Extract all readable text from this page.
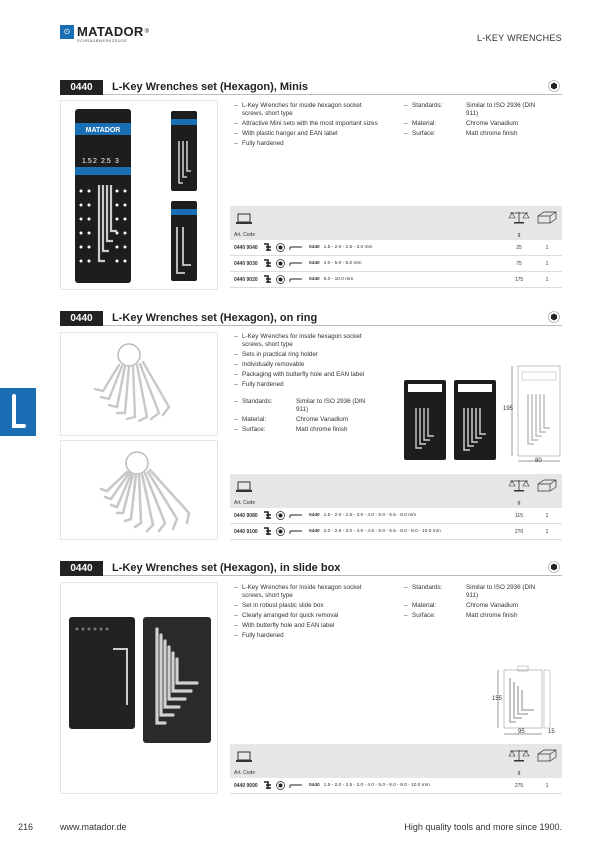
⊙ MATADOR ®
SCHRAUBWERKZEUGE	L-KEY WRENCHES
0440	L-Key Wrenches set (Hexagon), Minis
MATADOR
1.5 2 2.5 3
– L-Key Wrenches for inside hexagon socket screws, short type
– Attractive Mini sets with the most important sizes
– With plastic hanger and EAN label
– Fully hardened
– Standards:	Similar to ISO 2936 (DIN 911)
– Material:	Chrome Vanadium
– Surface:	Matt chrome finish
Art. Code	g
0440 9040	0440 1.5 - 2.0 - 2.5 - 3.0 mm	25	1
0440 9030	0440 4.0 - 5.0 - 6.0 mm	75	1
0440 9020	0440 8.0 - 10.0 mm	175	1
0440	L-Key Wrenches set (Hexagon), on ring
– L-Key Wrenches for inside hexagon socket screws, short type
– Sets in practical ring holder
– Individually removable
– Packaging with butterfly hole and EAN label
– Fully hardened
– Standards:	Similar to ISO 2936 (DIN 911)
– Material:	Chrome Vanadium
– Surface:	Matt chrome finish
195
80
Art. Code	g
0440 9080	0440 1.5 - 2.0 - 2.5 - 3.0 - 4.0 - 5.0 - 5.5 - 6.0 mm	115	1
0440 9100	0440 2.0 - 2.5 - 3.0 - 4.0 - 4.5 - 5.0 - 5.5 - 6.0 - 8.0 - 10.0 mm	270	1
0440	L-Key Wrenches set (Hexagon), in slide box
– L-Key Wrenches for inside hexagon socket screws, short type
– Set in robust plastic slide box
– Clearly arranged for quick removal
– With butterfly hole and EAN label
– Fully hardened
– Standards:	Similar to ISO 2936 (DIN 911)
– Material:	Chrome Vanadium
– Surface:	Matt chrome finish
155
95	15
Art. Code	g
0440 9090	0440 1.5 - 2.0 - 2.5 - 3.0 - 4.0 - 5.0 - 6.0 - 8.0 - 10.0 mm	275	1
216	www.matador.de	High quality tools and more since 1900.
